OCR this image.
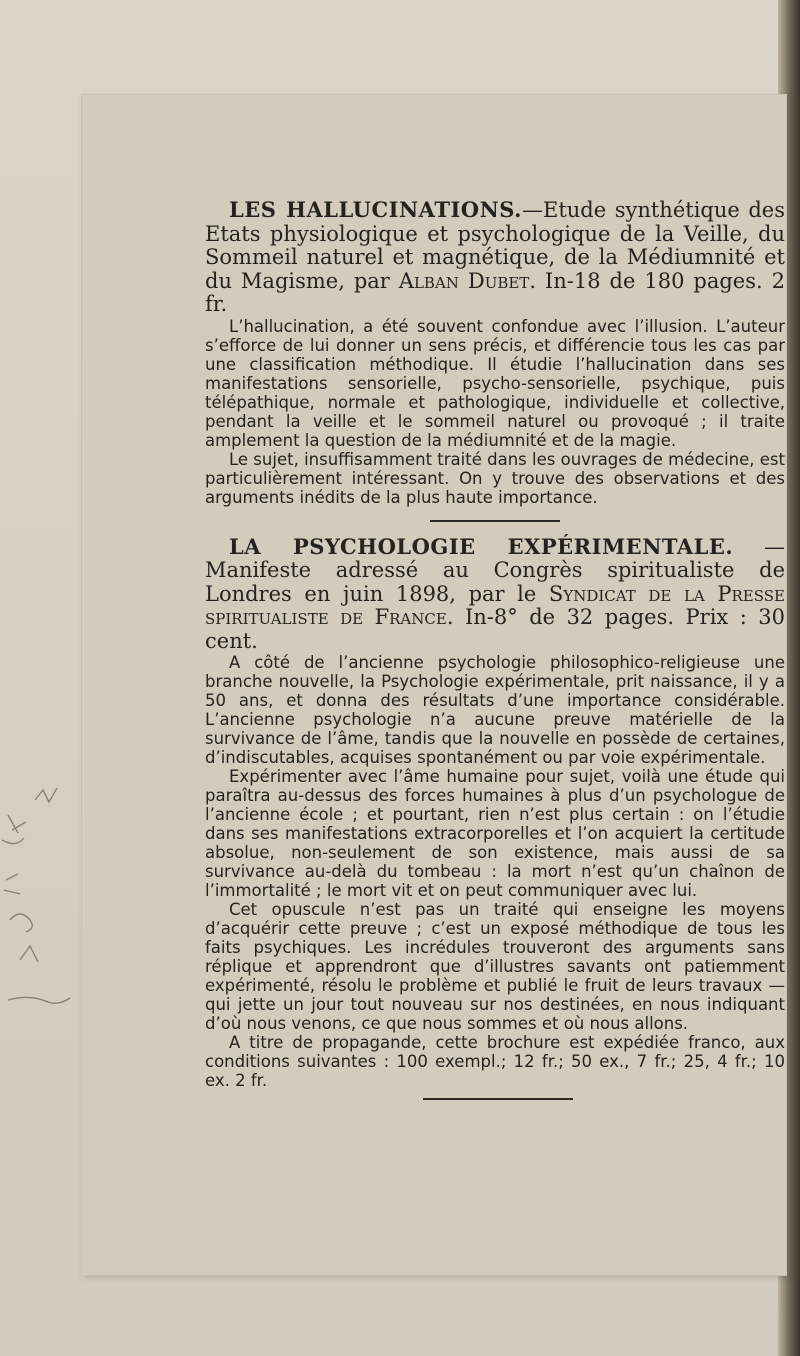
LES HALLUCINATIONS.—Etude synthétique des Etats physiologique et psychologique de la Veille, du Sommeil naturel et magnétique, de la Médiumnité et du Magisme, par Alban Dubet. In-18 de 180 pages. 2 fr.

L’hallucination, a été souvent confondue avec l’illusion. L’auteur s’efforce de lui donner un sens précis, et différencie tous les cas par une classification méthodique. Il étudie l’hallucination dans ses manifestations sensorielle, psycho-sensorielle, psychique, puis télépathique, normale et pathologique, individuelle et collective, pendant la veille et le sommeil naturel ou provoqué ; il traite amplement la question de la médiumnité et de la magie.

Le sujet, insuffisamment traité dans les ouvrages de médecine, est particulièrement intéressant. On y trouve des observations et des arguments inédits de la plus haute importance.

LA PSYCHOLOGIE EXPÉRIMENTALE. — Manifeste adressé au Congrès spiritualiste de Londres en juin 1898, par le Syndicat de la Presse spiritualiste de France. In-8° de 32 pages. Prix : 30 cent.

A côté de l’ancienne psychologie philosophico-religieuse une branche nouvelle, la Psychologie expérimentale, prit naissance, il y a 50 ans, et donna des résultats d’une importance considérable. L’ancienne psychologie n’a aucune preuve matérielle de la survivance de l’âme, tandis que la nouvelle en possède de certaines, d’indiscutables, acquises spontanément ou par voie expérimentale.

Expérimenter avec l’âme humaine pour sujet, voilà une étude qui paraîtra au-dessus des forces humaines à plus d’un psychologue de l’ancienne école ; et pourtant, rien n’est plus certain : on l’étudie dans ses manifestations extracorporelles et l’on acquiert la certitude absolue, non-seulement de son existence, mais aussi de sa survivance au-delà du tombeau : la mort n’est qu’un chaînon de l’immortalité ; le mort vit et on peut communiquer avec lui.

Cet opuscule n’est pas un traité qui enseigne les moyens d’acquérir cette preuve ; c’est un exposé méthodique de tous les faits psychiques. Les incrédules trouveront des arguments sans réplique et apprendront que d’illustres savants ont patiemment expérimenté, résolu le problème et publié le fruit de leurs travaux — qui jette un jour tout nouveau sur nos destinées, en nous indiquant d’où nous venons, ce que nous sommes et où nous allons.

A titre de propagande, cette brochure est expédiée franco, aux conditions suivantes : 100 exempl.; 12 fr.; 50 ex., 7 fr.; 25, 4 fr.; 10 ex. 2 fr.
